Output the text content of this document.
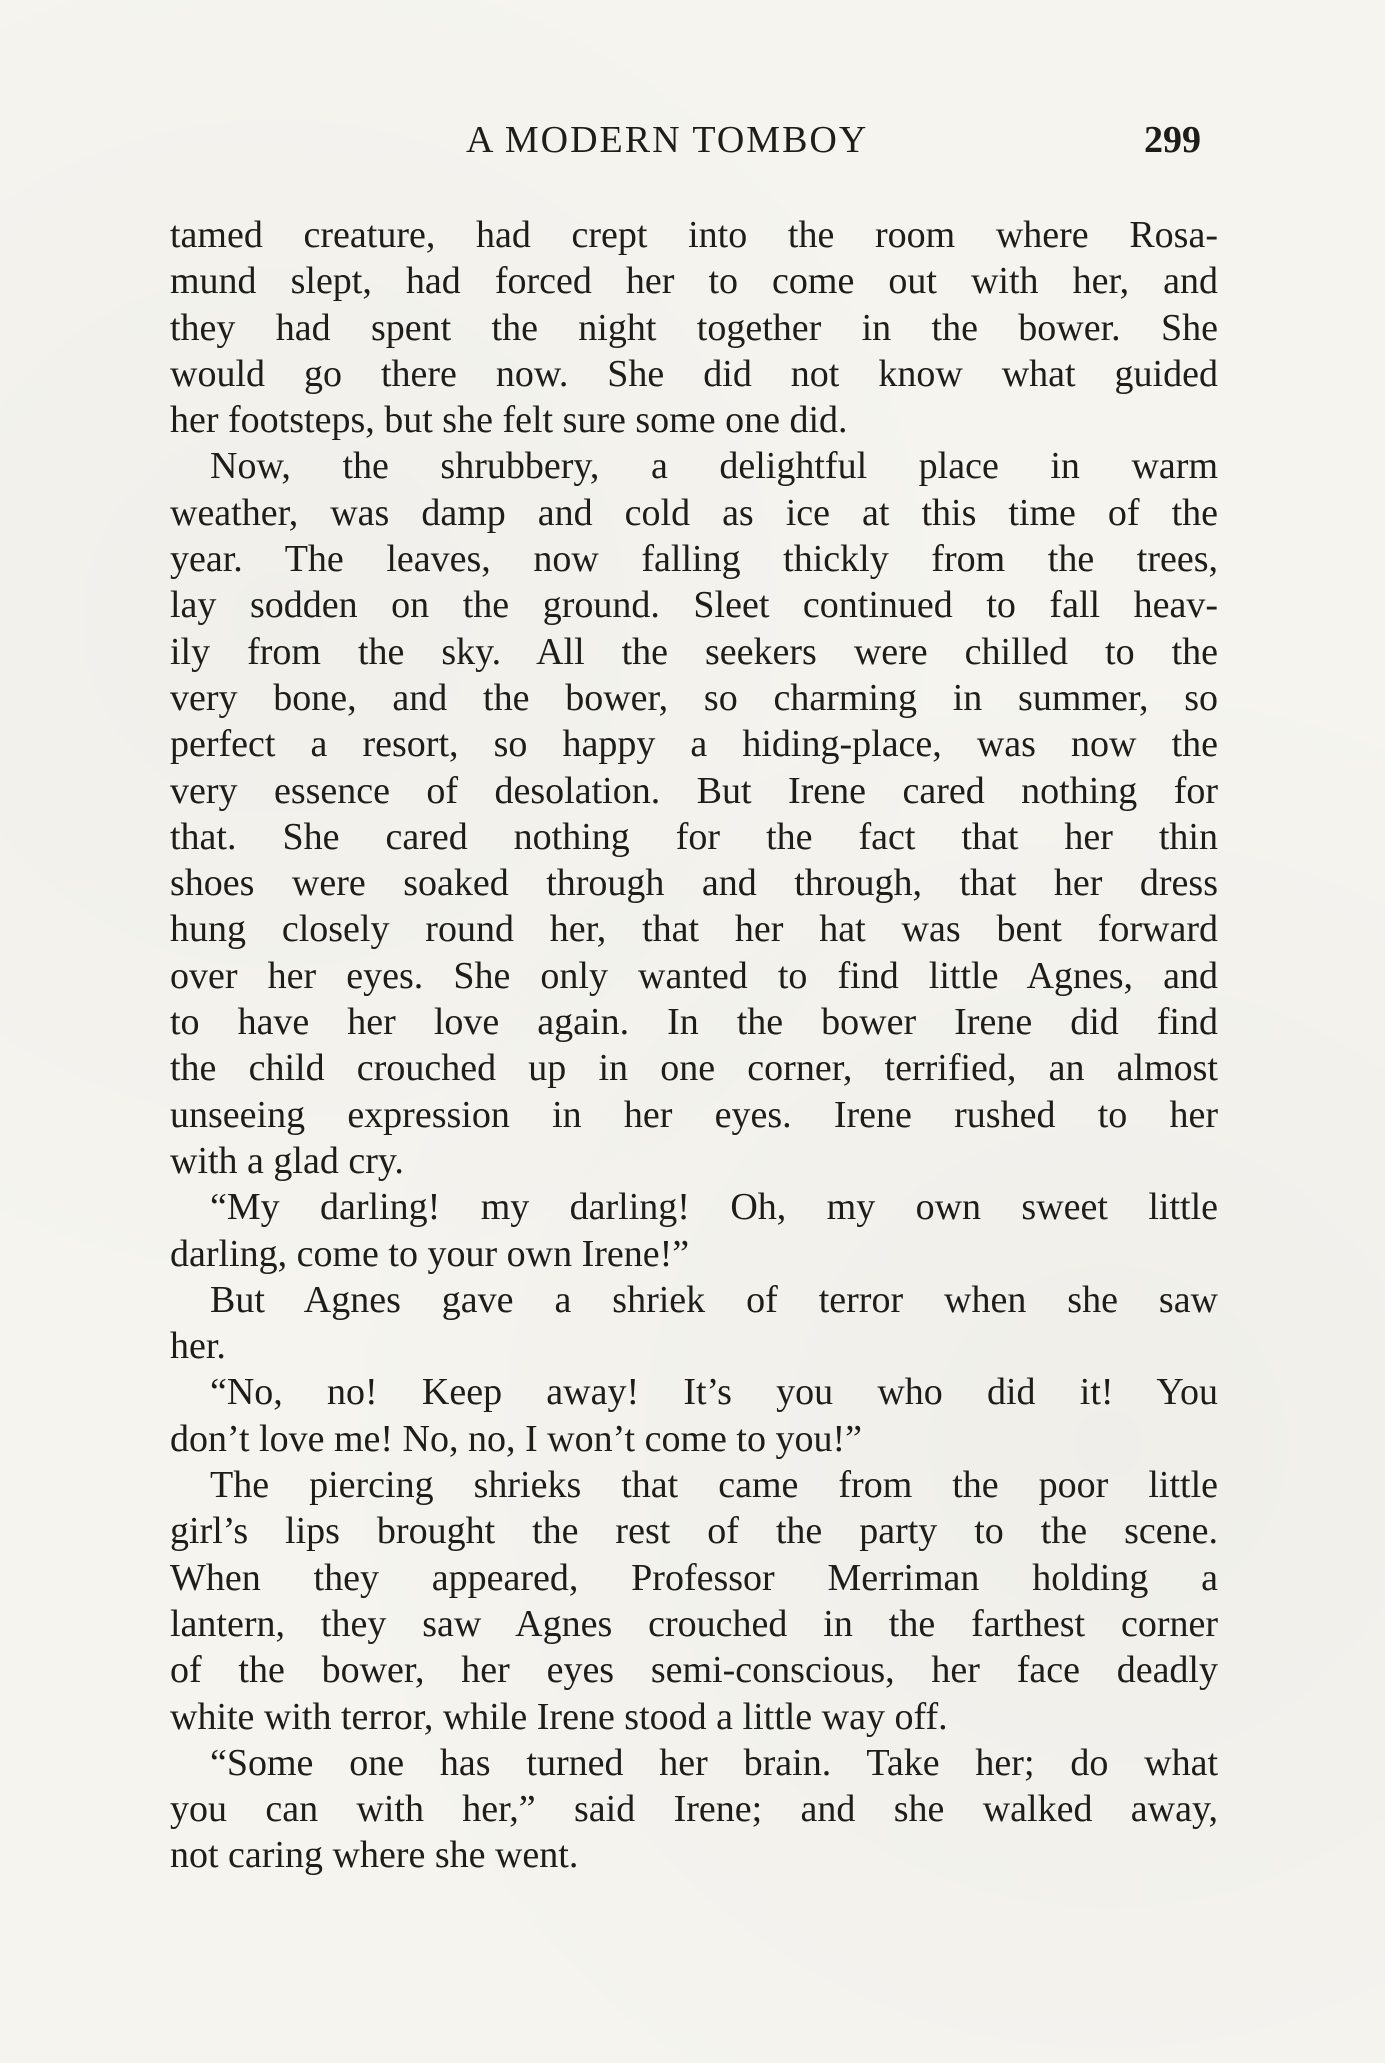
A MODERN TOMBOY	299
tamed creature, had crept into the room where Rosa-
mund slept, had forced her to come out with her, and
they had spent the night together in the bower. She
would go there now. She did not know what guided
her footsteps, but she felt sure some one did.
Now, the shrubbery, a delightful place in warm
weather, was damp and cold as ice at this time of the
year. The leaves, now falling thickly from the trees,
lay sodden on the ground. Sleet continued to fall heav-
ily from the sky. All the seekers were chilled to the
very bone, and the bower, so charming in summer, so
perfect a resort, so happy a hiding-place, was now the
very essence of desolation. But Irene cared nothing for
that. She cared nothing for the fact that her thin
shoes were soaked through and through, that her dress
hung closely round her, that her hat was bent forward
over her eyes. She only wanted to find little Agnes, and
to have her love again. In the bower Irene did find
the child crouched up in one corner, terrified, an almost
unseeing expression in her eyes. Irene rushed to her
with a glad cry.
“My darling! my darling! Oh, my own sweet little
darling, come to your own Irene!”
But Agnes gave a shriek of terror when she saw
her.
“No, no! Keep away! It’s you who did it! You
don’t love me! No, no, I won’t come to you!”
The piercing shrieks that came from the poor little
girl’s lips brought the rest of the party to the scene.
When they appeared, Professor Merriman holding a
lantern, they saw Agnes crouched in the farthest corner
of the bower, her eyes semi-conscious, her face deadly
white with terror, while Irene stood a little way off.
“Some one has turned her brain. Take her; do what
you can with her,” said Irene; and she walked away,
not caring where she went.
